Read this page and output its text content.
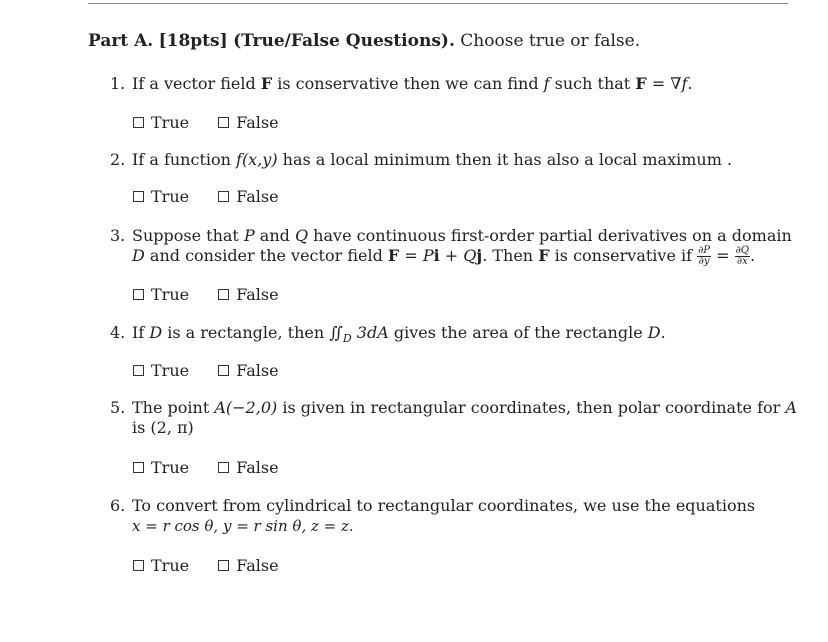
Part A. [18pts] (True/False Questions). Choose true or false.
1. If a vector field F is conservative then we can find f such that F = ∇f.
True
	False
2. If a function f(x,y) has a local minimum then it has also a local maximum .
True
	False
3. Suppose that P and Q have continuous first-order partial derivatives on a domain
D and consider the vector field F = Pi + Qj. Then F is conservative if $\frac{\partial P}{\partial y} = \frac{\partial Q}{\partial x}$ .
True
	False
4. If D is a rectangle, then $∬_D$ 3dA gives the area of the rectangle D.
True
	False
5. The point A(−2,0) is given in rectangular coordinates, then polar coordinate for A
is (2, π)
True
	False
6. To convert from cylindrical to rectangular coordinates, we use the equations
x = r cos θ, y = r sin θ, z = z.
True
	False
